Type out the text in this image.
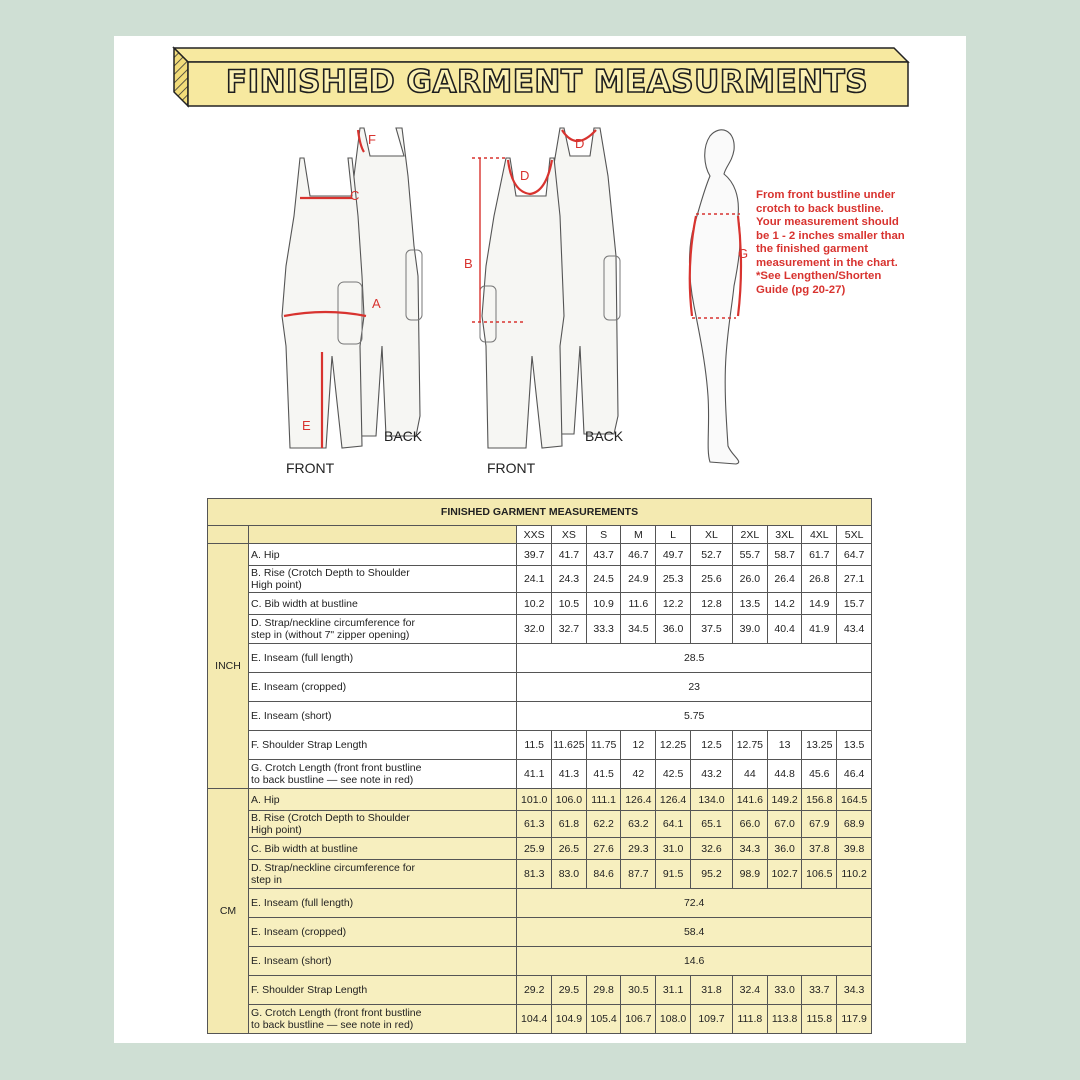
FINISHED GARMENT MEASURMENTS
BACK
FRONT
BACK
FRONT
F
C
A
E
D
D
B
G
From front bustline under
crotch to back bustline.
Your measurement should
be 1 - 2 inches smaller than
the finished garment
measurement in the chart.
*See Lengthen/Shorten
Guide (pg 20-27)
FINISHED GARMENT MEASUREMENTS											
		XXS	XS	S	M	L	XL	2XL	3XL	4XL	5XL
INCH	A. Hip	39.7	41.7	43.7	46.7	49.7	52.7	55.7	58.7	61.7	64.7

	B. Rise (Crotch Depth to Shoulder
High point)	24.1	24.3	24.5	24.9	25.3	25.6	26.0	26.4	26.8	27.1

	C. Bib width at bustline	10.2	10.5	10.9	11.6	12.2	12.8	13.5	14.2	14.9	15.7

	D. Strap/neckline circumference for
step in (without 7" zipper opening)	32.0	32.7	33.3	34.5	36.0	37.5	39.0	40.4	41.9	43.4

	E. Inseam (full length)	28.5									

	E. Inseam (cropped)	23									

	E. Inseam (short)	5.75									

	F. Shoulder Strap Length	11.5	11.625	11.75	12	12.25	12.5	12.75	13	13.25	13.5

	G. Crotch Length (front front bustline
to back bustline — see note in red)	41.1	41.3	41.5	42	42.5	43.2	44	44.8	45.6	46.4
CM	A. Hip	101.0	106.0	111.1	126.4	126.4	134.0	141.6	149.2	156.8	164.5

	B. Rise (Crotch Depth to Shoulder
High point)	61.3	61.8	62.2	63.2	64.1	65.1	66.0	67.0	67.9	68.9

	C. Bib width at bustline	25.9	26.5	27.6	29.3	31.0	32.6	34.3	36.0	37.8	39.8

	D. Strap/neckline circumference for
step in	81.3	83.0	84.6	87.7	91.5	95.2	98.9	102.7	106.5	110.2

	E. Inseam (full length)	72.4									

	E. Inseam (cropped)	58.4									

	E. Inseam (short)	14.6									

	F. Shoulder Strap Length	29.2	29.5	29.8	30.5	31.1	31.8	32.4	33.0	33.7	34.3

	G. Crotch Length (front front bustline
to back bustline — see note in red)	104.4	104.9	105.4	106.7	108.0	109.7	111.8	113.8	115.8	117.9
